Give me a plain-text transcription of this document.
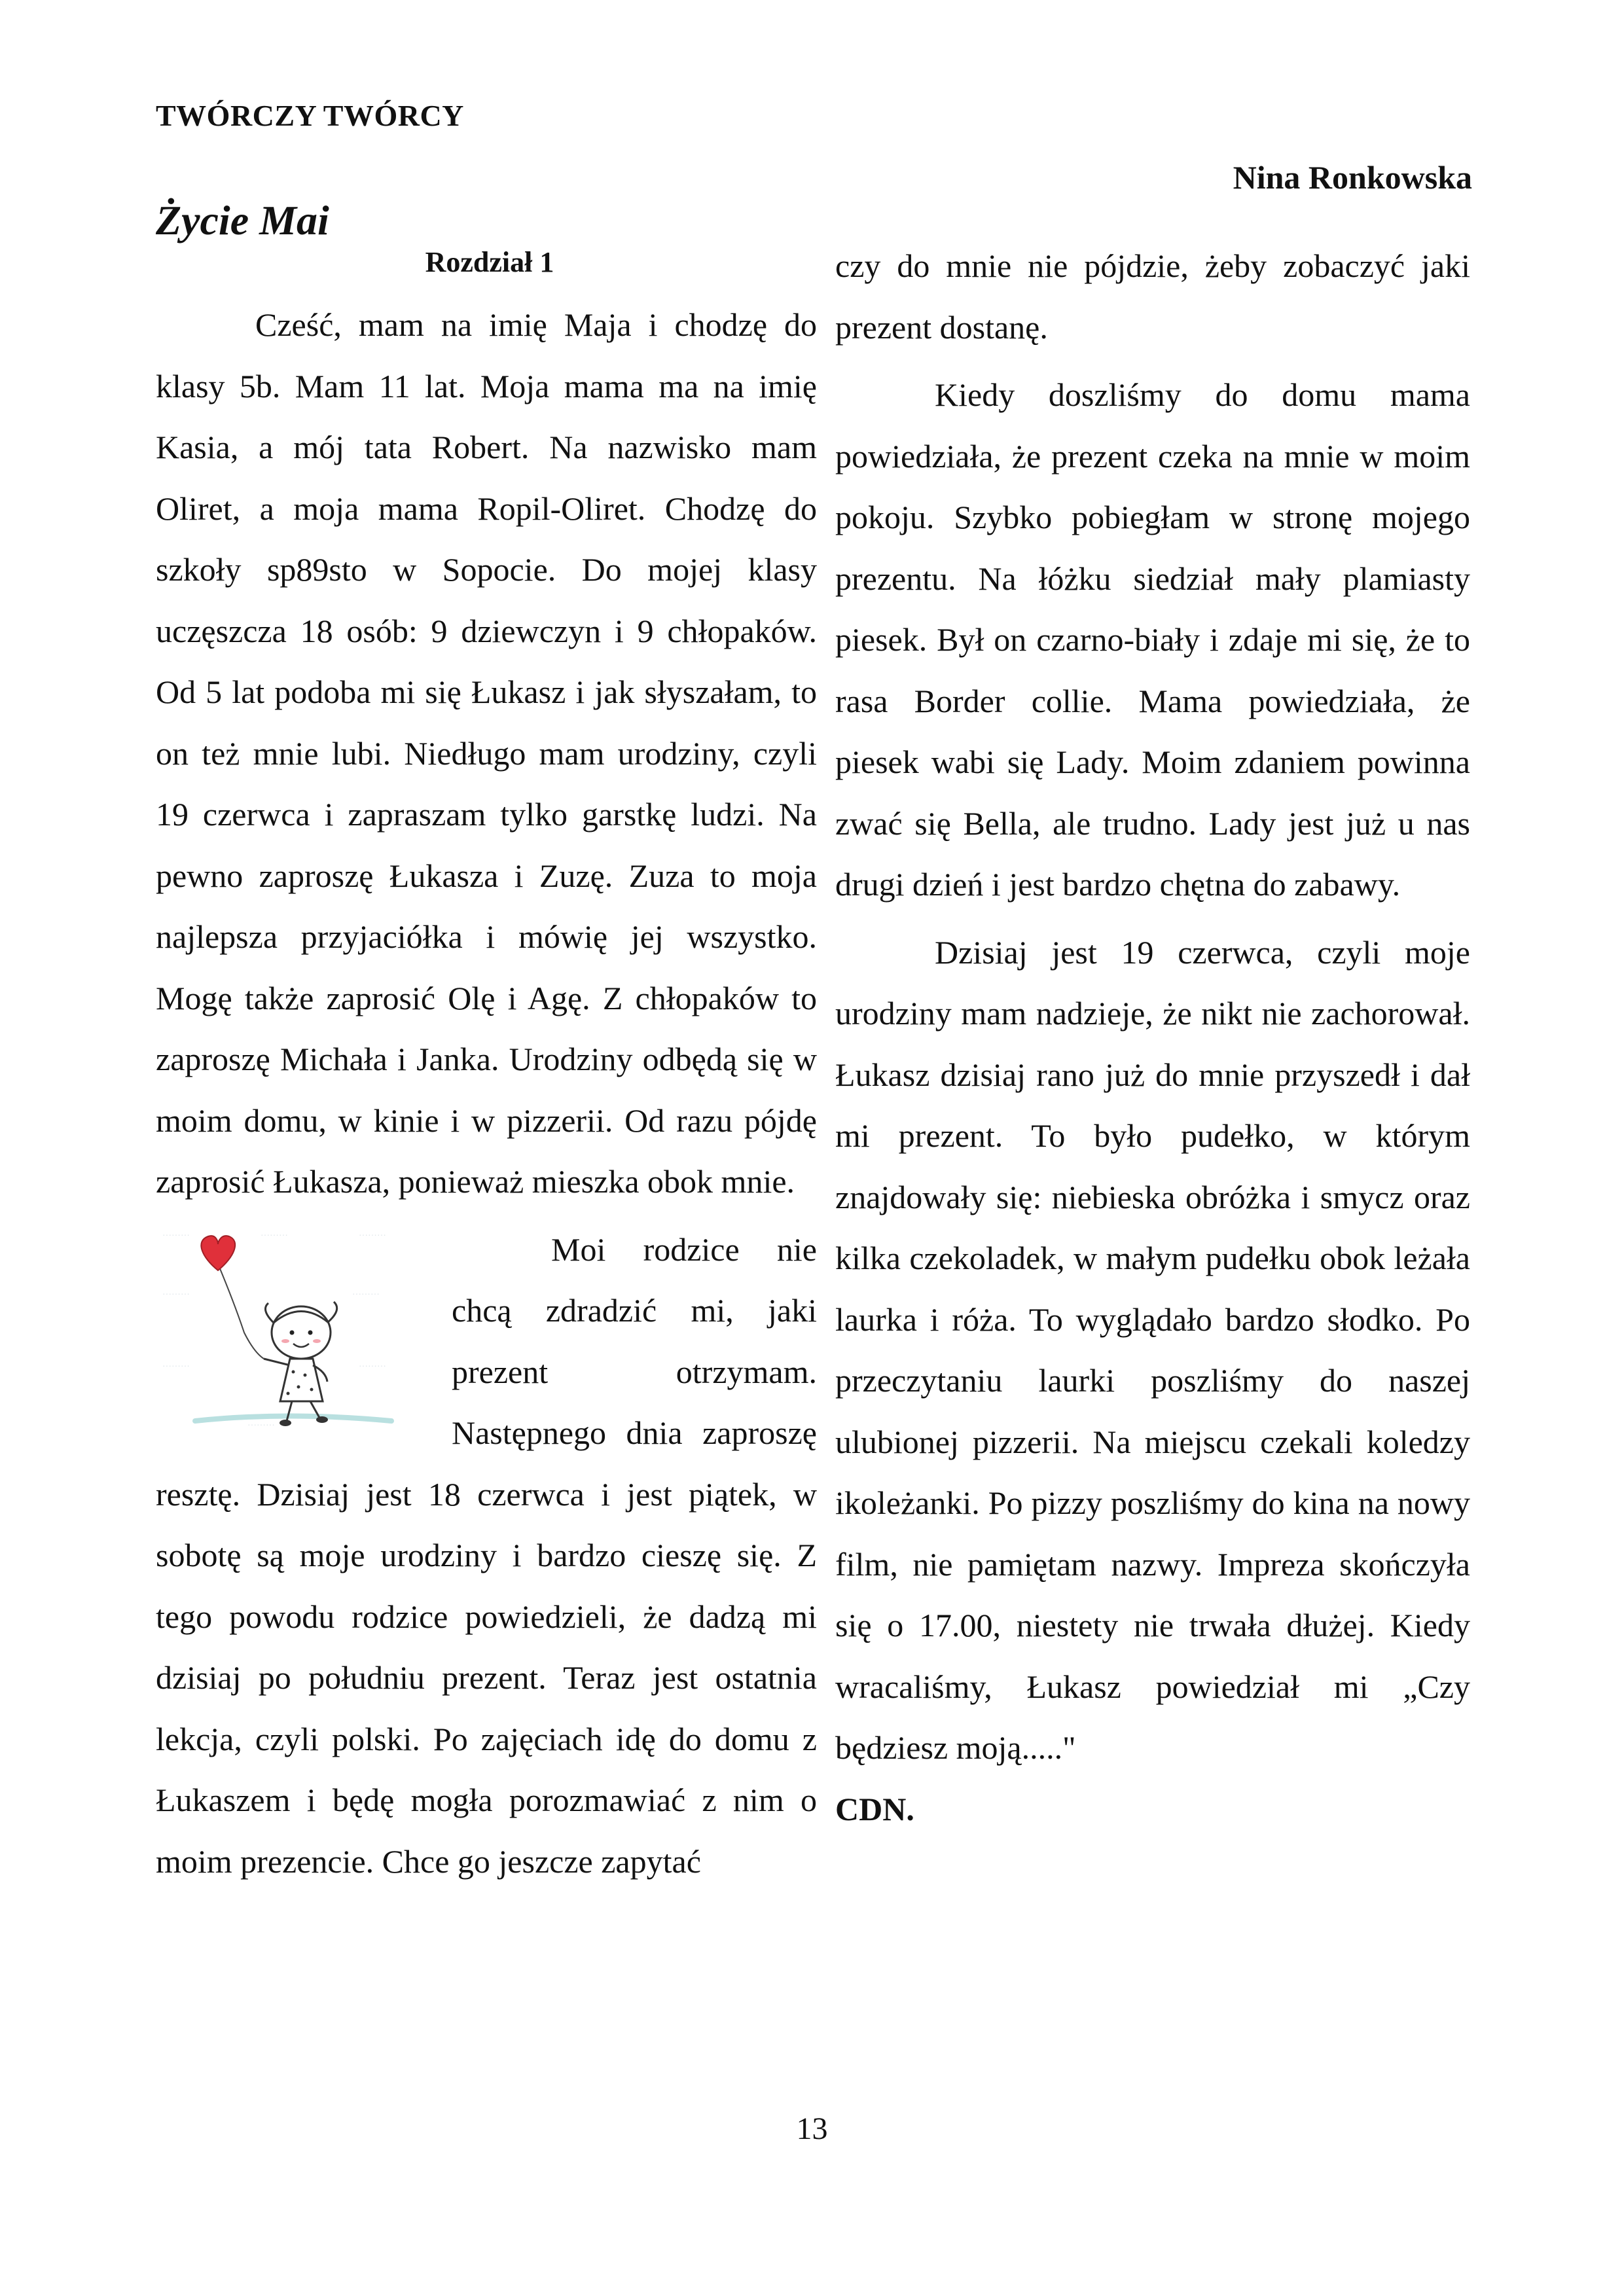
TWÓRCZY TWÓRCY
Nina Ronkowska
Życie Mai
Rozdział 1

Cześć, mam na imię Maja i chodzę do klasy 5b. Mam 11 lat. Moja mama ma na imię Kasia, a mój tata Robert. Na nazwisko mam Oliret, a moja mama Ropil-Oliret. Chodzę do szkoły sp89sto w Sopocie. Do mojej klasy uczęszcza 18 osób: 9 dziewczyn i 9 chłopaków. Od 5 lat podoba mi się Łukasz i jak słyszałam, to on też mnie lubi. Niedługo mam urodziny, czyli 19 czerwca i zapraszam tylko garstkę ludzi. Na pewno zaproszę Łukasza i Zuzę. Zuza to moja najlepsza przyjaciółka i mówię jej wszystko. Mogę także zaprosić Olę i Agę. Z chłopaków to zaproszę Michała i Janka. Urodziny odbędą się w moim domu, w kinie i w pizzerii. Od razu pójdę zaprosić Łukasza, ponieważ mieszka obok mnie.

·········	·········	·········
·········	·········
·········	·········
·········
Moi rodzice nie chcą zdradzić mi, jaki prezent otrzymam. Następnego dnia zaproszę resztę. Dzisiaj jest 18 czerwca i jest piątek, w sobotę są moje urodziny i bardzo cieszę się. Z tego powodu rodzice powiedzieli, że dadzą mi dzisiaj po południu prezent. Teraz jest ostatnia lekcja, czyli polski. Po zajęciach idę do domu z Łukaszem i będę mogła porozmawiać z nim o moim prezencie. Chce go jeszcze zapytać

czy do mnie nie pójdzie, żeby zobaczyć jaki prezent dostanę.

Kiedy doszliśmy do domu mama powiedziała, że prezent czeka na mnie w moim pokoju. Szybko pobiegłam w stronę mojego prezentu. Na łóżku siedział mały plamiasty piesek. Był on czarno-biały i zdaje mi się, że to rasa Border collie. Mama powiedziała, że piesek wabi się Lady. Moim zdaniem powinna zwać się Bella, ale trudno. Lady jest już u nas drugi dzień i jest bardzo chętna do zabawy.

Dzisiaj jest 19 czerwca, czyli moje urodziny mam nadzieje, że nikt nie zachorował. Łukasz dzisiaj rano już do mnie przyszedł i dał mi prezent. To było pudełko, w którym znajdowały się: niebieska obróżka i smycz oraz kilka czekoladek, w małym pudełku obok leżała laurka i róża. To wyglądało bardzo słodko. Po przeczytaniu laurki poszliśmy do naszej ulubionej pizzerii. Na miejscu czekali koledzy ikoleżanki. Po pizzy poszliśmy do kina na nowy film, nie pamiętam nazwy. Impreza skończyła się o 17.00, niestety nie trwała dłużej. Kiedy wracaliśmy, Łukasz powiedział mi „Czy będziesz moją....."

CDN.

13
